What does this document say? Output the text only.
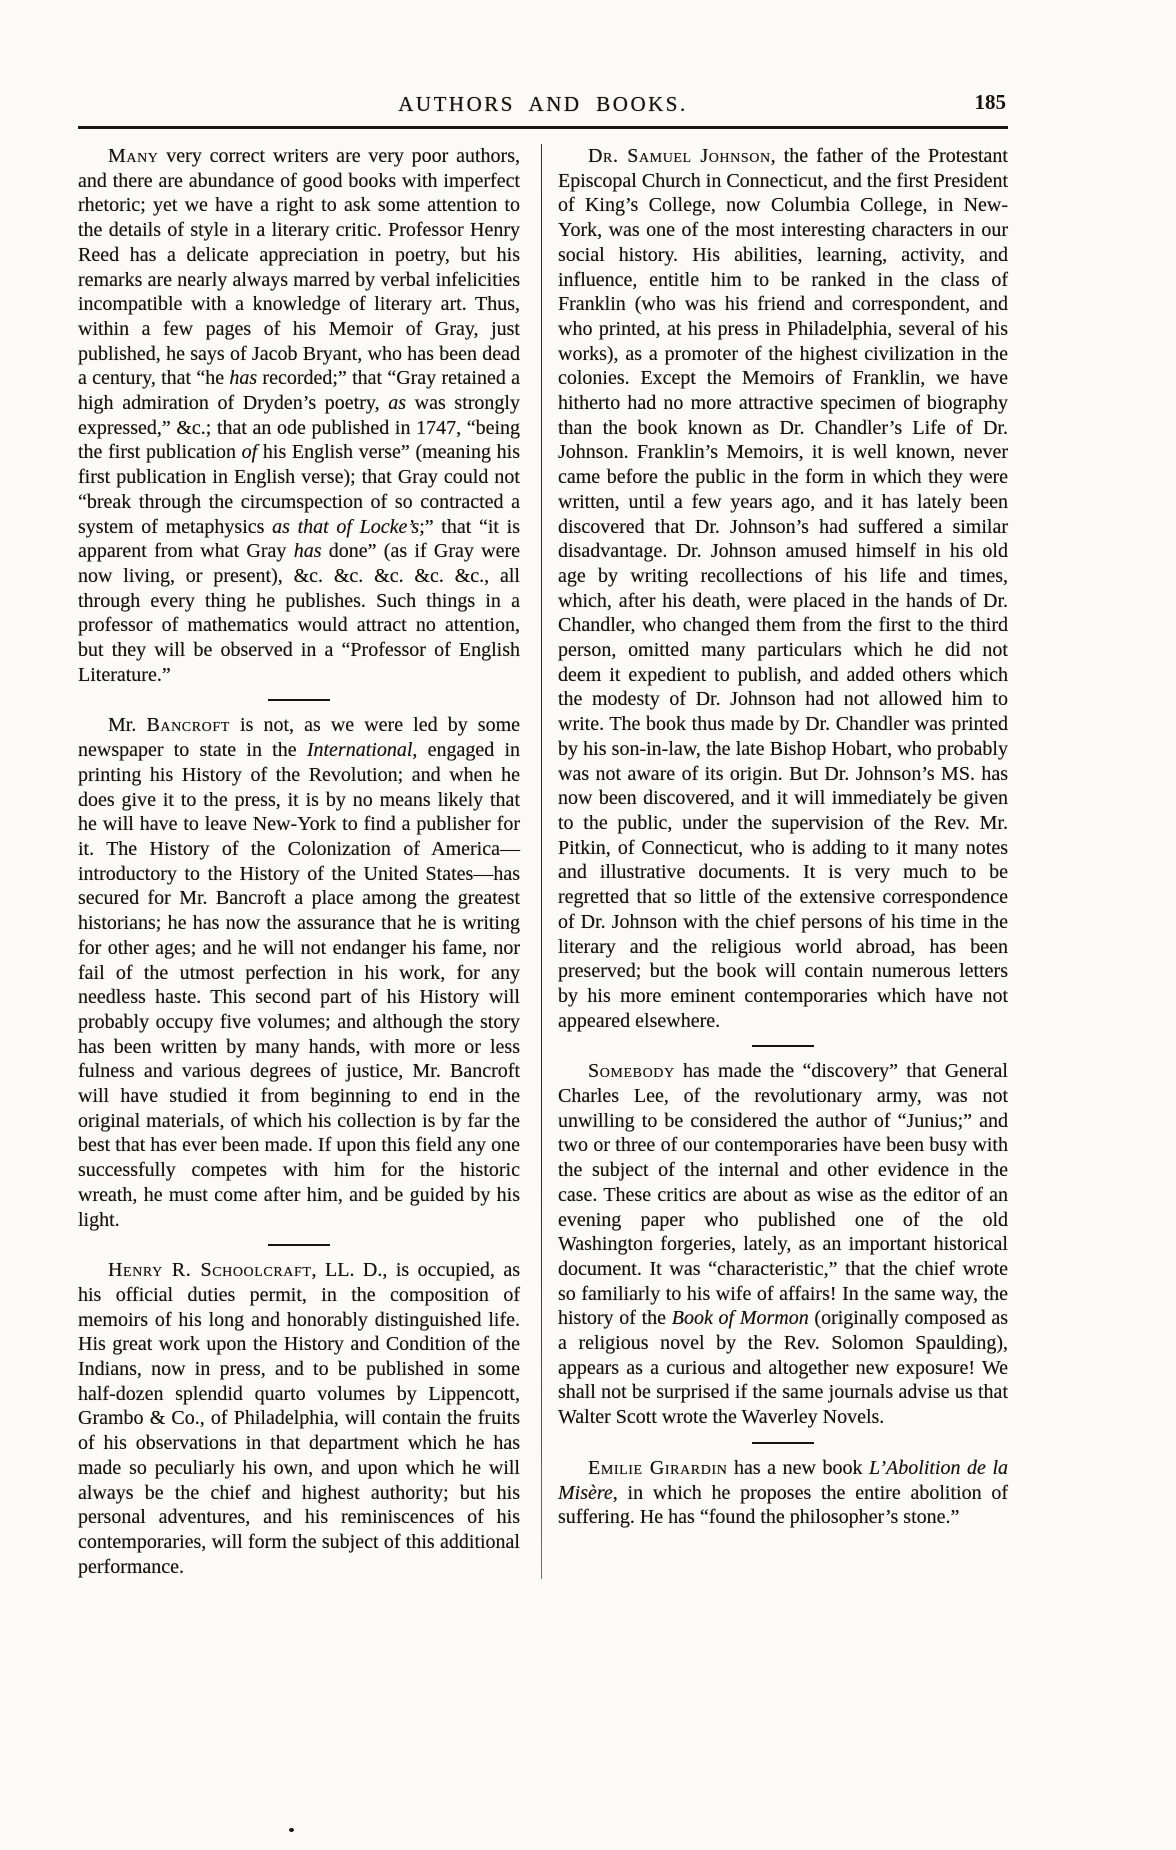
AUTHORS AND BOOKS.	185

Many very correct writers are very poor authors, and there are abundance of good books with imperfect rhetoric; yet we have a right to ask some attention to the details of style in a literary critic. Professor Henry Reed has a delicate appreciation in poetry, but his remarks are nearly always marred by verbal infelicities incompatible with a knowledge of literary art. Thus, within a few pages of his Memoir of Gray, just published, he says of Jacob Bryant, who has been dead a century, that “he has recorded;” that “Gray retained a high admiration of Dryden’s poetry, as was strongly expressed,” &c.; that an ode published in 1747, “being the first publication of his English verse” (meaning his first publication in English verse); that Gray could not “break through the circumspection of so contracted a system of metaphysics as that of Locke’s;” that “it is apparent from what Gray has done” (as if Gray were now living, or present), &c. &c. &c. &c. &c., all through every thing he publishes. Such things in a professor of mathematics would attract no attention, but they will be observed in a “Professor of English Literature.”

Mr. Bancroft is not, as we were led by some newspaper to state in the International, engaged in printing his History of the Revolution; and when he does give it to the press, it is by no means likely that he will have to leave New-York to find a publisher for it. The History of the Colonization of America—introductory to the History of the United States—has secured for Mr. Bancroft a place among the greatest historians; he has now the assurance that he is writing for other ages; and he will not endanger his fame, nor fail of the utmost perfection in his work, for any needless haste. This second part of his History will probably occupy five volumes; and although the story has been written by many hands, with more or less fulness and various degrees of justice, Mr. Bancroft will have studied it from beginning to end in the original materials, of which his collection is by far the best that has ever been made. If upon this field any one successfully competes with him for the historic wreath, he must come after him, and be guided by his light.

Henry R. Schoolcraft, LL. D., is occupied, as his official duties permit, in the composition of memoirs of his long and honorably distinguished life. His great work upon the History and Condition of the Indians, now in press, and to be published in some half-dozen splendid quarto volumes by Lippencott, Grambo & Co., of Philadelphia, will contain the fruits of his observations in that department which he has made so peculiarly his own, and upon which he will always be the chief and highest authority; but his personal adventures, and his reminiscences of his contemporaries, will form the subject of this additional performance.

Dr. Samuel Johnson, the father of the Protestant Episcopal Church in Connecticut, and the first President of King’s College, now Columbia College, in New-York, was one of the most interesting characters in our social history. His abilities, learning, activity, and influence, entitle him to be ranked in the class of Franklin (who was his friend and correspondent, and who printed, at his press in Philadelphia, several of his works), as a promoter of the highest civilization in the colonies. Except the Memoirs of Franklin, we have hitherto had no more attractive specimen of biography than the book known as Dr. Chandler’s Life of Dr. Johnson. Franklin’s Memoirs, it is well known, never came before the public in the form in which they were written, until a few years ago, and it has lately been discovered that Dr. Johnson’s had suffered a similar disadvantage. Dr. Johnson amused himself in his old age by writing recollections of his life and times, which, after his death, were placed in the hands of Dr. Chandler, who changed them from the first to the third person, omitted many particulars which he did not deem it expedient to publish, and added others which the modesty of Dr. Johnson had not allowed him to write. The book thus made by Dr. Chandler was printed by his son-in-law, the late Bishop Hobart, who probably was not aware of its origin. But Dr. Johnson’s MS. has now been discovered, and it will immediately be given to the public, under the supervision of the Rev. Mr. Pitkin, of Connecticut, who is adding to it many notes and illustrative documents. It is very much to be regretted that so little of the extensive correspondence of Dr. Johnson with the chief persons of his time in the literary and the religious world abroad, has been preserved; but the book will contain numerous letters by his more eminent contemporaries which have not appeared elsewhere.

Somebody has made the “discovery” that General Charles Lee, of the revolutionary army, was not unwilling to be considered the author of “Junius;” and two or three of our contemporaries have been busy with the subject of the internal and other evidence in the case. These critics are about as wise as the editor of an evening paper who published one of the old Washington forgeries, lately, as an important historical document. It was “characteristic,” that the chief wrote so familiarly to his wife of affairs! In the same way, the history of the Book of Mormon (originally composed as a religious novel by the Rev. Solomon Spaulding), appears as a curious and altogether new exposure! We shall not be surprised if the same journals advise us that Walter Scott wrote the Waverley Novels.

Emilie Girardin has a new book L’Abolition de la Misère, in which he proposes the entire abolition of suffering. He has “found the philosopher’s stone.”
